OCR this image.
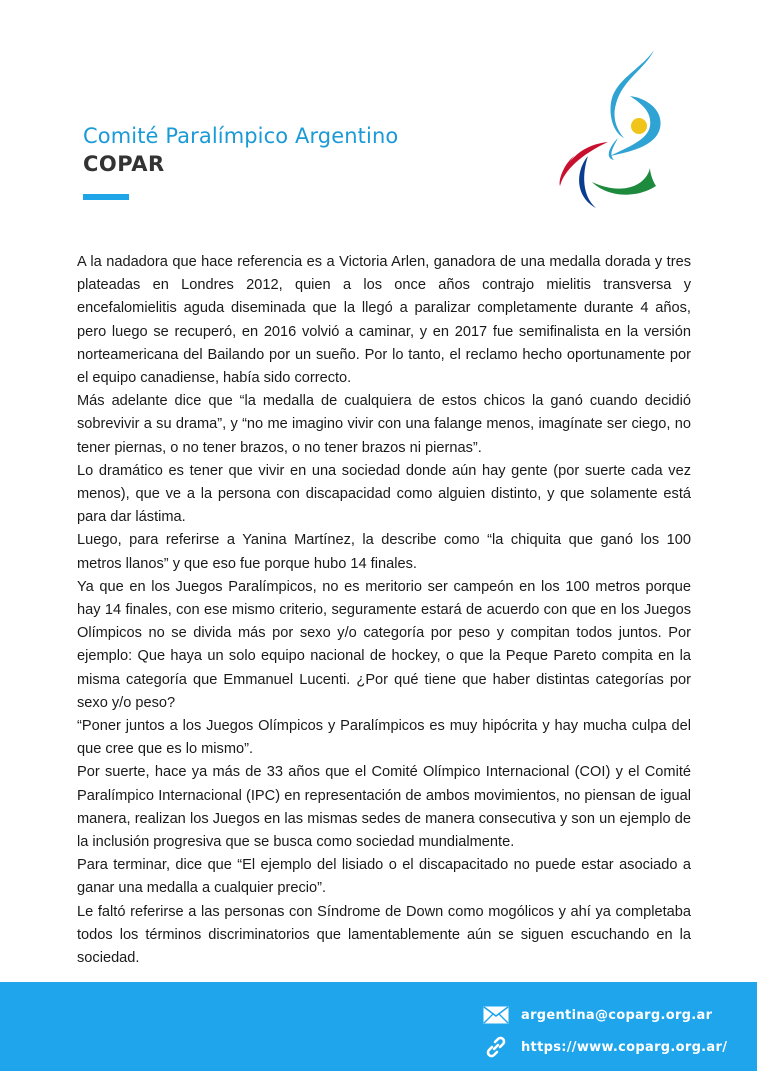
Comité Paralímpico Argentino
COPAR

A la nadadora que hace referencia es a Victoria Arlen, ganadora de una medalla dorada y tres plateadas en Londres 2012, quien a los once años contrajo mielitis transversa y encefalomielitis aguda diseminada que la llegó a paralizar completamente durante 4 años, pero luego se recuperó, en 2016 volvió a caminar, y en 2017 fue semifinalista en la versión norteamericana del Bailando por un sueño. Por lo tanto, el reclamo hecho oportunamente por el equipo canadiense, había sido correcto.

Más adelante dice que “la medalla de cualquiera de estos chicos la ganó cuando decidió sobrevivir a su drama”, y “no me imagino vivir con una falange menos, imagínate ser ciego, no tener piernas, o no tener brazos, o no tener brazos ni piernas”.

Lo dramático es tener que vivir en una sociedad donde aún hay gente (por suerte cada vez menos), que ve a la persona con discapacidad como alguien distinto, y que solamente está para dar lástima.

Luego, para referirse a Yanina Martínez, la describe como “la chiquita que ganó los 100 metros llanos” y que eso fue porque hubo 14 finales.

Ya que en los Juegos Paralímpicos, no es meritorio ser campeón en los 100 metros porque hay 14 finales, con ese mismo criterio, seguramente estará de acuerdo con que en los Juegos Olímpicos no se divida más por sexo y/o categoría por peso y compitan todos juntos. Por ejemplo: Que haya un solo equipo nacional de hockey, o que la Peque Pareto compita en la misma categoría que Emmanuel Lucenti. ¿Por qué tiene que haber distintas categorías por sexo y/o peso?

“Poner juntos a los Juegos Olímpicos y Paralímpicos es muy hipócrita y hay mucha culpa del que cree que es lo mismo”.

Por suerte, hace ya más de 33 años que el Comité Olímpico Internacional (COI) y el Comité Paralímpico Internacional (IPC) en representación de ambos movimientos, no piensan de igual manera, realizan los Juegos en las mismas sedes de manera consecutiva y son un ejemplo de la inclusión progresiva que se busca como sociedad mundialmente.

Para terminar, dice que “El ejemplo del lisiado o el discapacitado no puede estar asociado a ganar una medalla a cualquier precio”.

Le faltó referirse a las personas con Síndrome de Down como mogólicos y ahí ya completaba todos los términos discriminatorios que lamentablemente aún se siguen escuchando en la sociedad.

argentina@coparg.org.ar
https://www.coparg.org.ar/
